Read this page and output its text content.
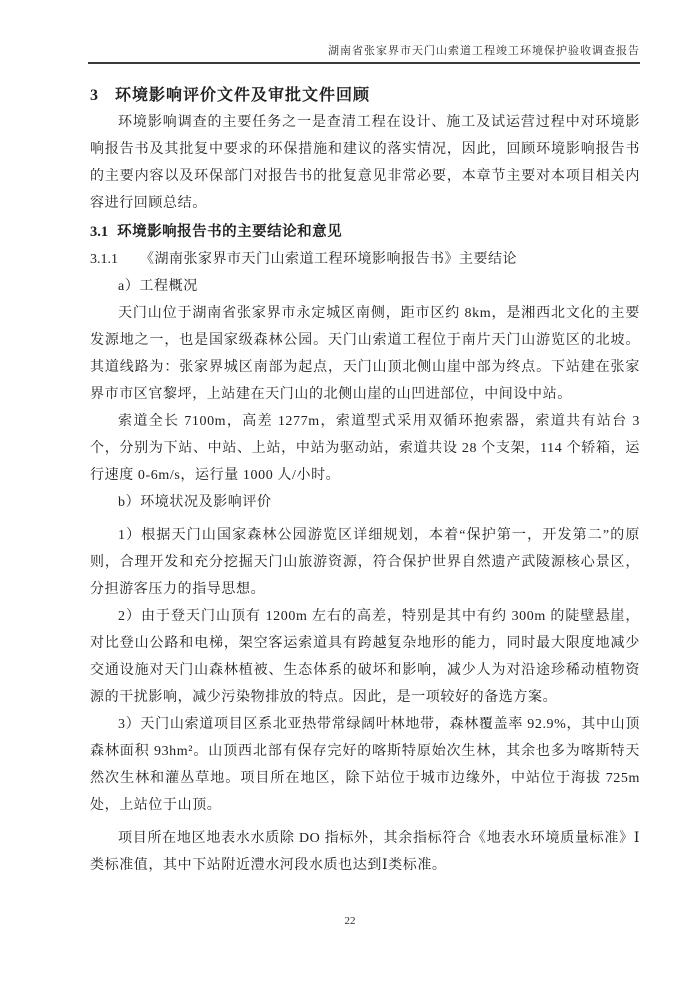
湖南省张家界市天门山索道工程竣工环境保护验收调查报告
3 环境影响评价文件及审批文件回顾

环境影响调查的主要任务之一是查清工程在设计、施工及试运营过程中对环境影响报告书及其批复中要求的环保措施和建议的落实情况，因此，回顾环境影响报告书的主要内容以及环保部门对报告书的批复意见非常必要，本章节主要对本项目相关内容进行回顾总结。

3.1 环境影响报告书的主要结论和意见
3.1.1 《湖南张家界市天门山索道工程环境影响报告书》主要结论

a）工程概况

天门山位于湖南省张家界市永定城区南侧，距市区约 8km，是湘西北文化的主要发源地之一，也是国家级森林公园。天门山索道工程位于南片天门山游览区的北坡。其道线路为：张家界城区南部为起点，天门山顶北侧山崖中部为终点。下站建在张家界市市区官黎坪，上站建在天门山的北侧山崖的山凹进部位，中间设中站。

索道全长 7100m，高差 1277m，索道型式采用双循环抱索器，索道共有站台 3 个，分别为下站、中站、上站，中站为驱动站，索道共设 28 个支架，114 个轿箱，运行速度 0-6m/s，运行量 1000 人/小时。

b）环境状况及影响评价

1）根据天门山国家森林公园游览区详细规划，本着“保护第一，开发第二”的原则，合理开发和充分挖掘天门山旅游资源，符合保护世界自然遗产武陵源核心景区，分担游客压力的指导思想。

2）由于登天门山顶有 1200m 左右的高差，特别是其中有约 300m 的陡壁悬崖，对比登山公路和电梯，架空客运索道具有跨越复杂地形的能力，同时最大限度地减少交通设施对天门山森林植被、生态体系的破坏和影响，减少人为对沿途珍稀动植物资源的干扰影响，减少污染物排放的特点。因此，是一项较好的备选方案。

3）天门山索道项目区系北亚热带常绿阔叶林地带，森林覆盖率 92.9%，其中山顶森林面积 93hm²。山顶西北部有保存完好的喀斯特原始次生林，其余也多为喀斯特天然次生林和灌丛草地。项目所在地区，除下站位于城市边缘外，中站位于海拔 725m 处，上站位于山顶。

项目所在地区地表水水质除 DO 指标外，其余指标符合《地表水环境质量标准》Ⅰ类标准值，其中下站附近澧水河段水质也达到Ⅰ类标准。

22
